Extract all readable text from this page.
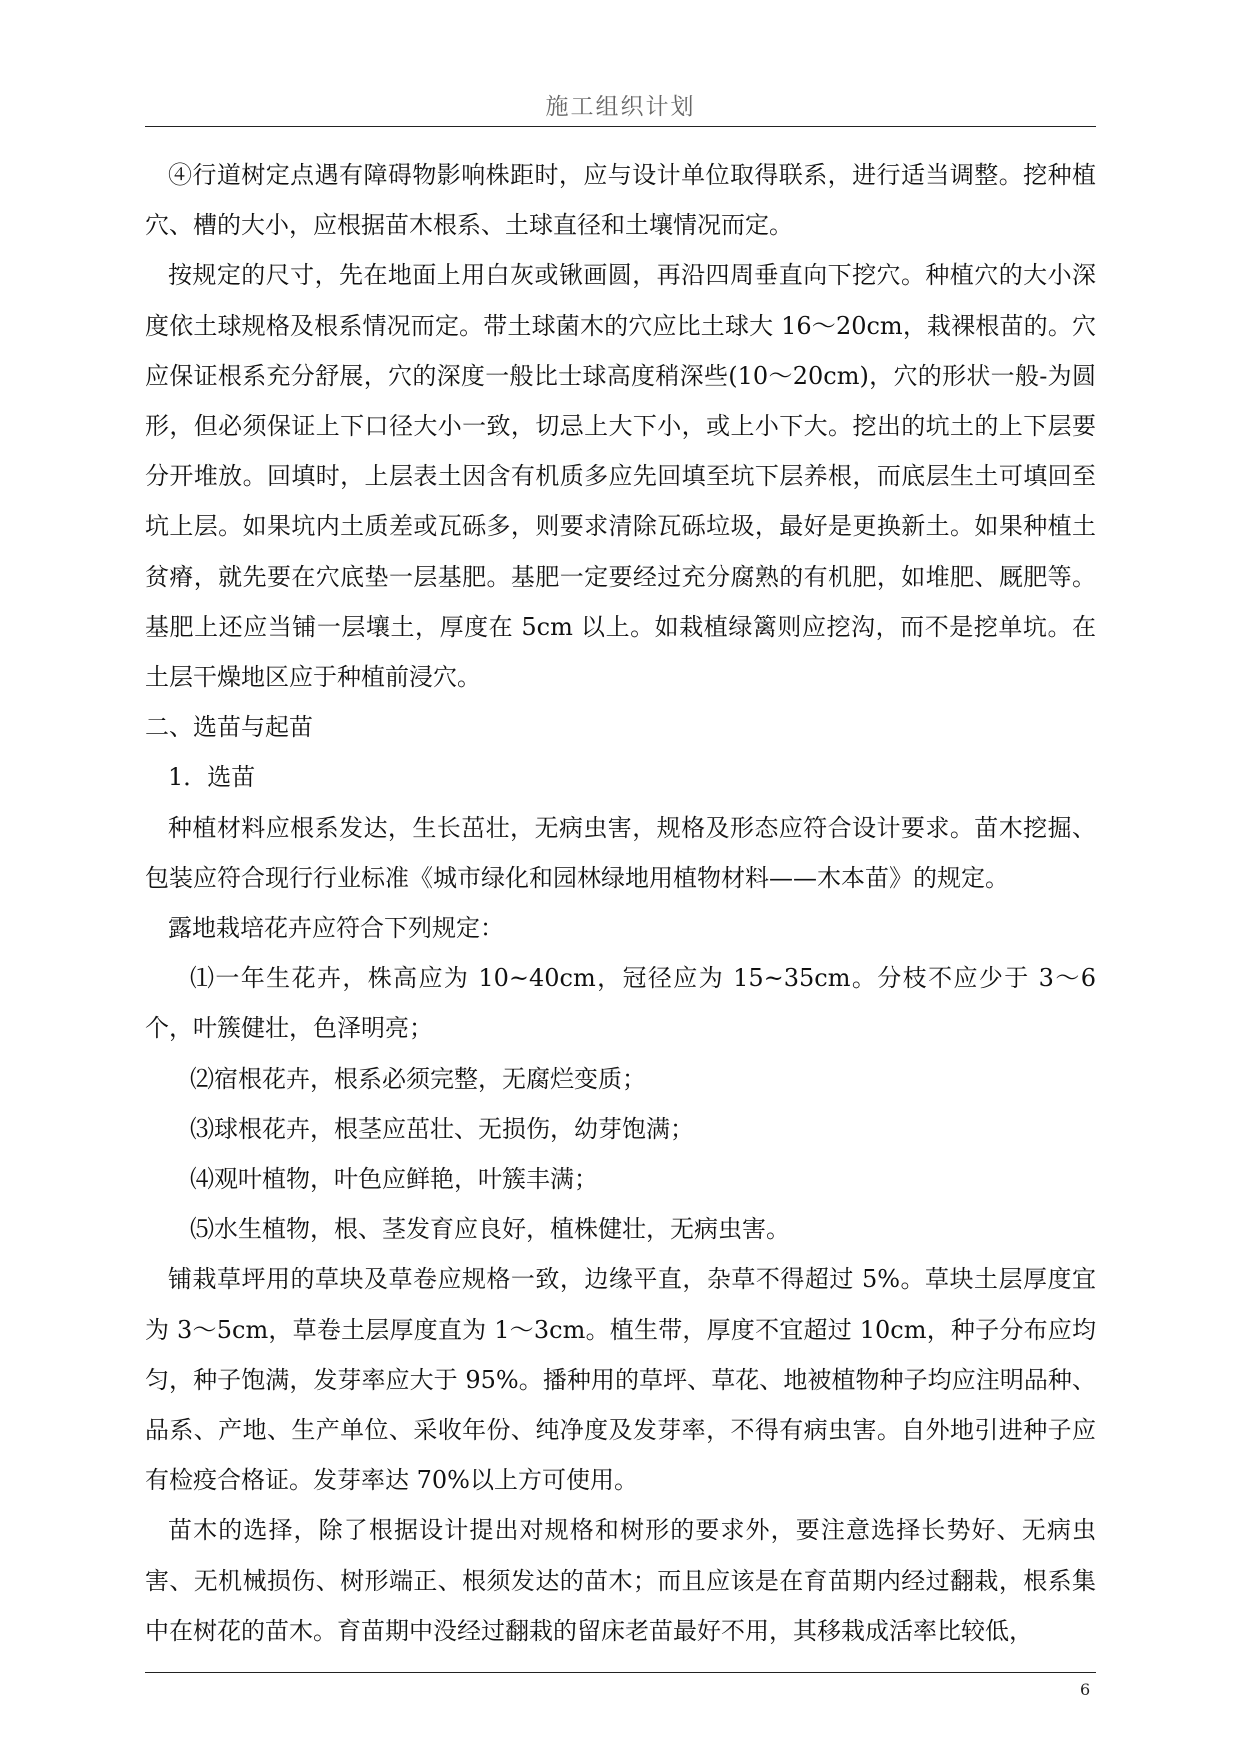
施工组织计划

④行道树定点遇有障碍物影响株距时，应与设计单位取得联系，进行适当调整。挖种植穴、槽的大小，应根据苗木根系、土球直径和土壤情况而定。

按规定的尺寸，先在地面上用白灰或锹画圆，再沿四周垂直向下挖穴。种植穴的大小深度依土球规格及根系情况而定。带土球菌木的穴应比土球大 16～20cm，栽裸根苗的。穴应保证根系充分舒展，穴的深度一般比士球高度稍深些(10～20cm)，穴的形状一般-为圆形，但必须保证上下口径大小一致，切忌上大下小，或上小下大。挖出的坑土的上下层要分开堆放。回填时，上层表土因含有机质多应先回填至坑下层养根，而底层生土可填回至坑上层。如果坑内土质差或瓦砾多，则要求清除瓦砾垃圾，最好是更换新土。如果种植土贫瘠，就先要在穴底垫一层基肥。基肥一定要经过充分腐熟的有机肥，如堆肥、厩肥等。基肥上还应当铺一层壤土，厚度在 5cm 以上。如栽植绿篱则应挖沟，而不是挖单坑。在土层干燥地区应于种植前浸穴。

二、选苗与起苗

1．选苗

种植材料应根系发达，生长茁壮，无病虫害，规格及形态应符合设计要求。苗木挖掘、包装应符合现行行业标准《城市绿化和园林绿地用植物材料——木本苗》的规定。

露地栽培花卉应符合下列规定：

⑴一年生花卉，株高应为 10~40cm，冠径应为 15~35cm。分枝不应少于 3～6 个，叶簇健壮，色泽明亮；

⑵宿根花卉，根系必须完整，无腐烂变质；

⑶球根花卉，根茎应茁壮、无损伤，幼芽饱满；

⑷观叶植物，叶色应鲜艳，叶簇丰满；

⑸水生植物，根、茎发育应良好，植株健壮，无病虫害。

铺栽草坪用的草块及草卷应规格一致，边缘平直，杂草不得超过 5%。草块土层厚度宜为 3～5cm，草卷土层厚度直为 1～3cm。植生带，厚度不宜超过 10cm，种子分布应均匀，种子饱满，发芽率应大于 95%。播种用的草坪、草花、地被植物种子均应注明品种、品系、产地、生产单位、采收年份、纯净度及发芽率，不得有病虫害。自外地引进种子应有检疫合格证。发芽率达 70%以上方可使用。

苗木的选择，除了根据设计提出对规格和树形的要求外，要注意选择长势好、无病虫害、无机械损伤、树形端正、根须发达的苗木；而且应该是在育苗期内经过翻栽，根系集中在树花的苗木。育苗期中没经过翻栽的留床老苗最好不用，其移栽成活率比较低，

6
